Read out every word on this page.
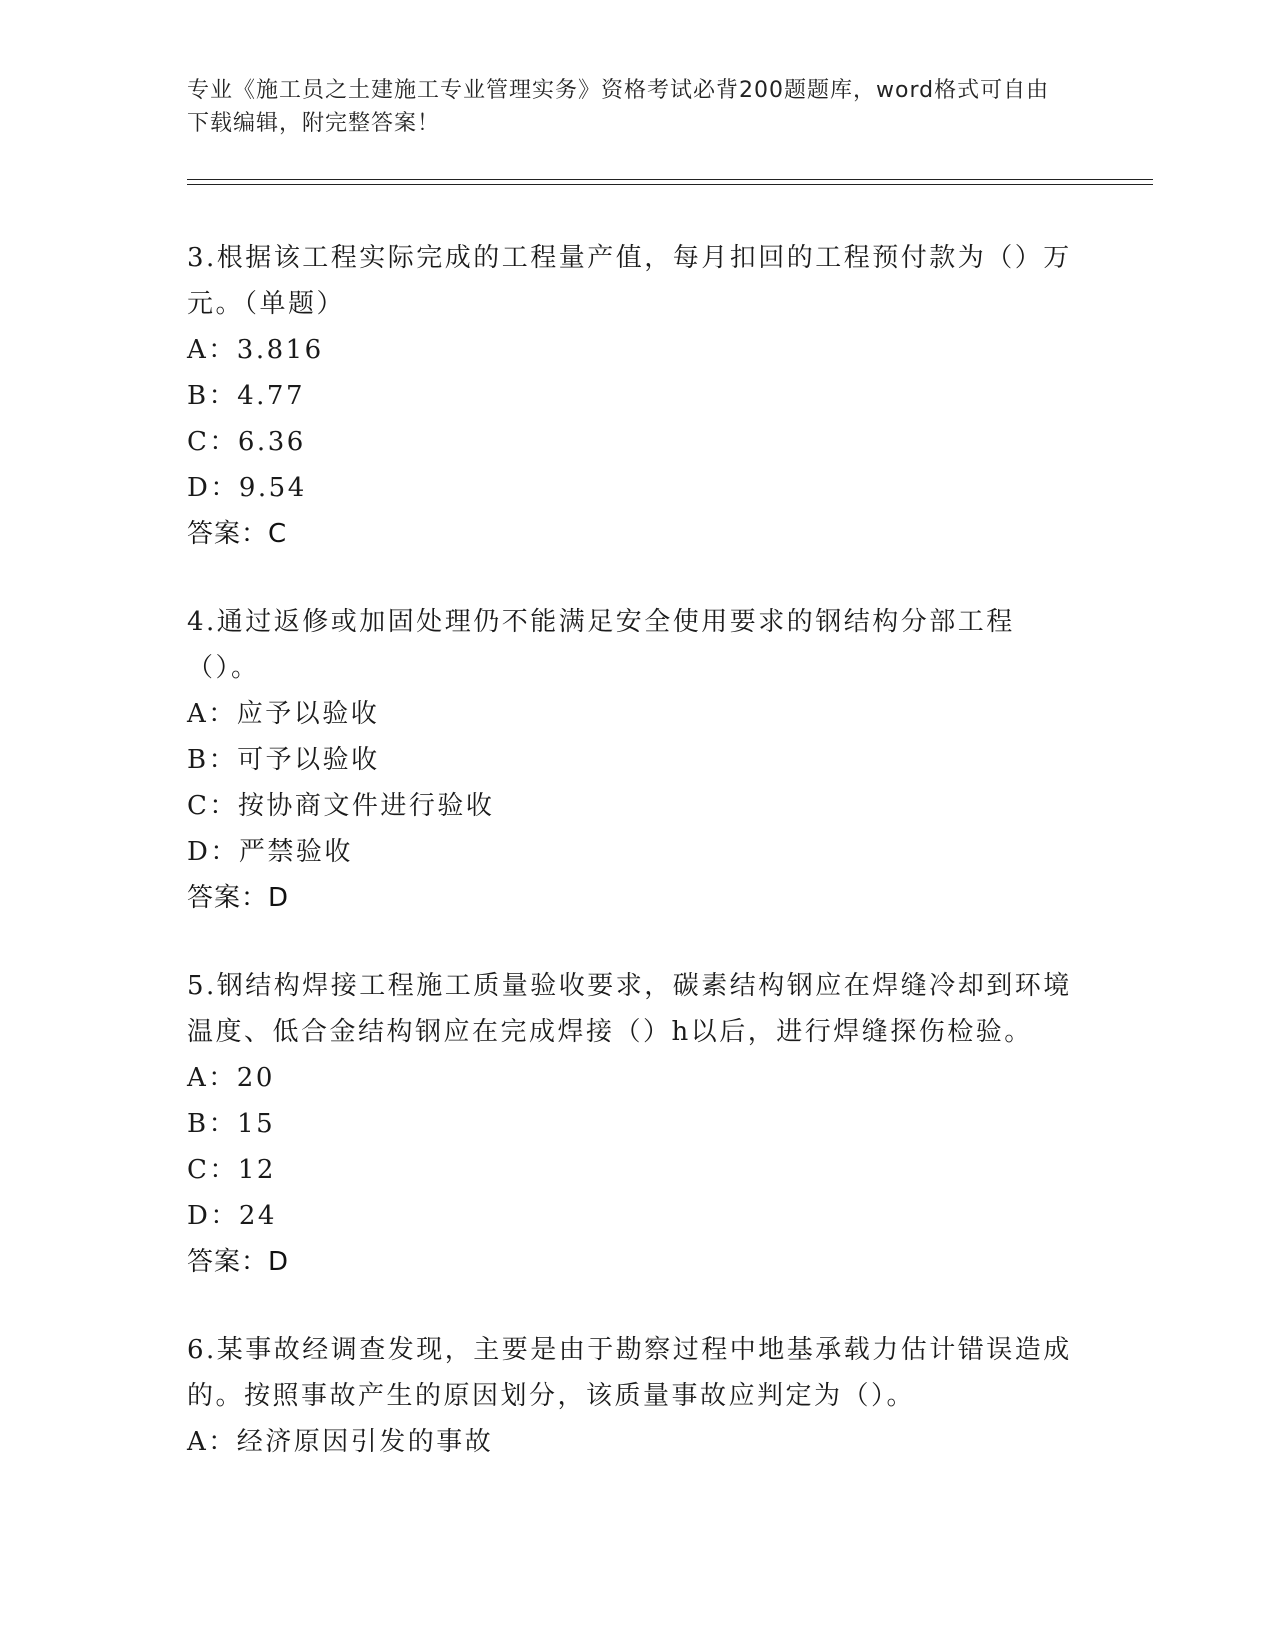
专业《施工员之土建施工专业管理实务》资格考试必背200题题库，word格式可自由下载编辑，附完整答案！
3.根据该工程实际完成的工程量产值，每月扣回的工程预付款为（）万元。（单题）
A：3.816
B：4.77
C：6.36
D：9.54
答案：C
4.通过返修或加固处理仍不能满足安全使用要求的钢结构分部工程（）。
A：应予以验收
B：可予以验收
C：按协商文件进行验收
D：严禁验收
答案：D
5.钢结构焊接工程施工质量验收要求，碳素结构钢应在焊缝冷却到环境温度、低合金结构钢应在完成焊接（）h以后，进行焊缝探伤检验。
A：20
B：15
C：12
D：24
答案：D
6.某事故经调查发现，主要是由于勘察过程中地基承载力估计错误造成的。按照事故产生的原因划分，该质量事故应判定为（）。
A：经济原因引发的事故
